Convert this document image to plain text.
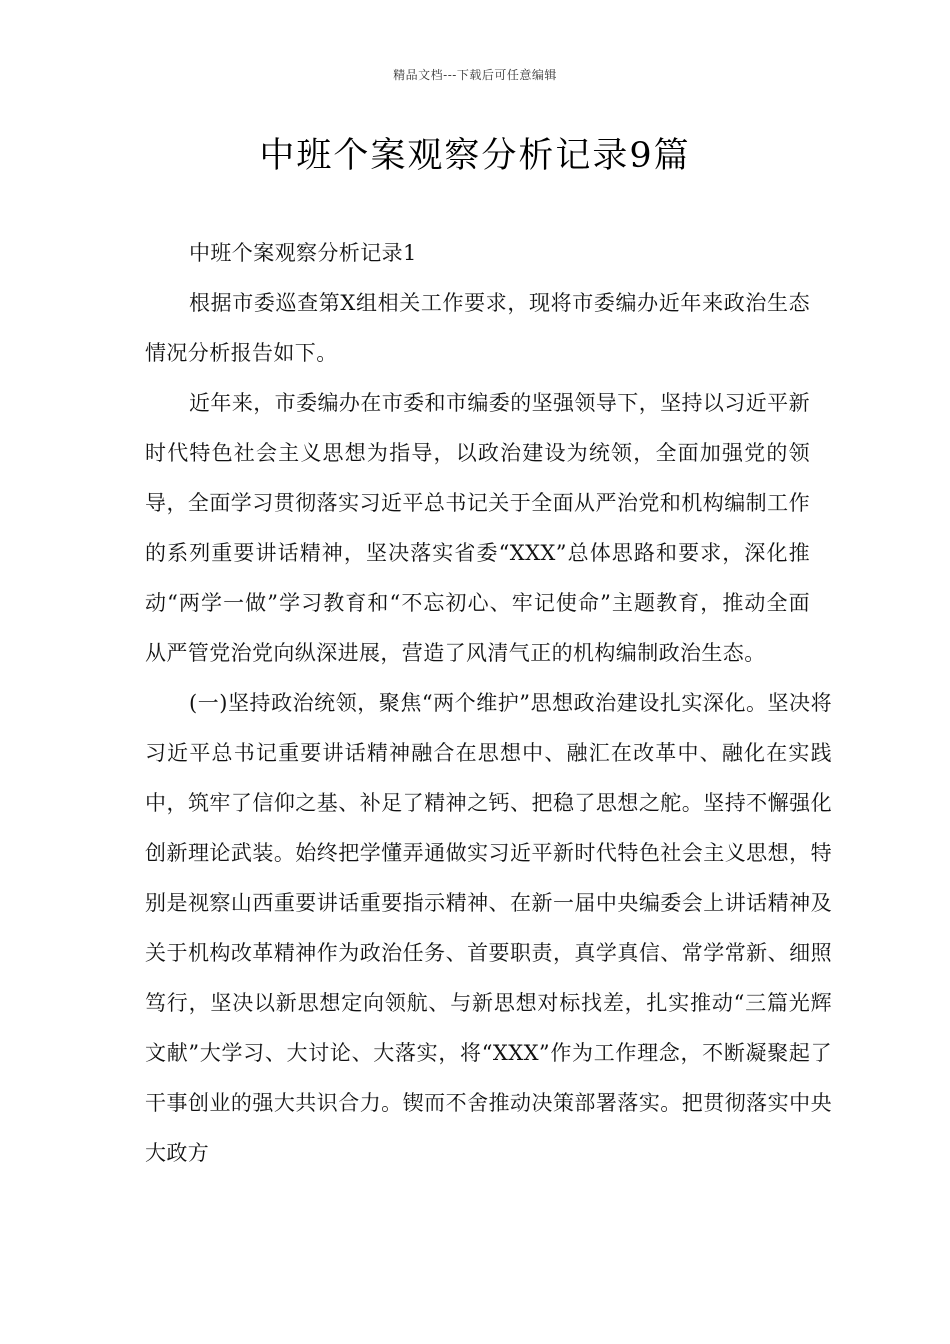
精品文档---下载后可任意编辑
中班个案观察分析记录9篇

中班个案观察分析记录1

根据市委巡查第X组相关工作要求，现将市委编办近年来政治生态情况分析报告如下。

近年来，市委编办在市委和市编委的坚强领导下，坚持以习近平新时代特色社会主义思想为指导，以政治建设为统领，全面加强党的领导，全面学习贯彻落实习近平总书记关于全面从严治党和机构编制工作的系列重要讲话精神，坚决落实省委“XXX”总体思路和要求，深化推动“两学一做”学习教育和“不忘初心、牢记使命”主题教育，推动全面从严管党治党向纵深进展，营造了风清气正的机构编制政治生态。

(一)坚持政治统领，聚焦“两个维护”思想政治建设扎实深化。坚决将习近平总书记重要讲话精神融合在思想中、融汇在改革中、融化在实践中，筑牢了信仰之基、补足了精神之钙、把稳了思想之舵。坚持不懈强化创新理论武装。始终把学懂弄通做实习近平新时代特色社会主义思想，特别是视察山西重要讲话重要指示精神、在新一届中央编委会上讲话精神及关于机构改革精神作为政治任务、首要职责，真学真信、常学常新、细照笃行，坚决以新思想定向领航、与新思想对标找差，扎实推动“三篇光辉文献”大学习、大讨论、大落实，将“XXX”作为工作理念，不断凝聚起了干事创业的强大共识合力。锲而不舍推动决策部署落实。把贯彻落实中央大政方
